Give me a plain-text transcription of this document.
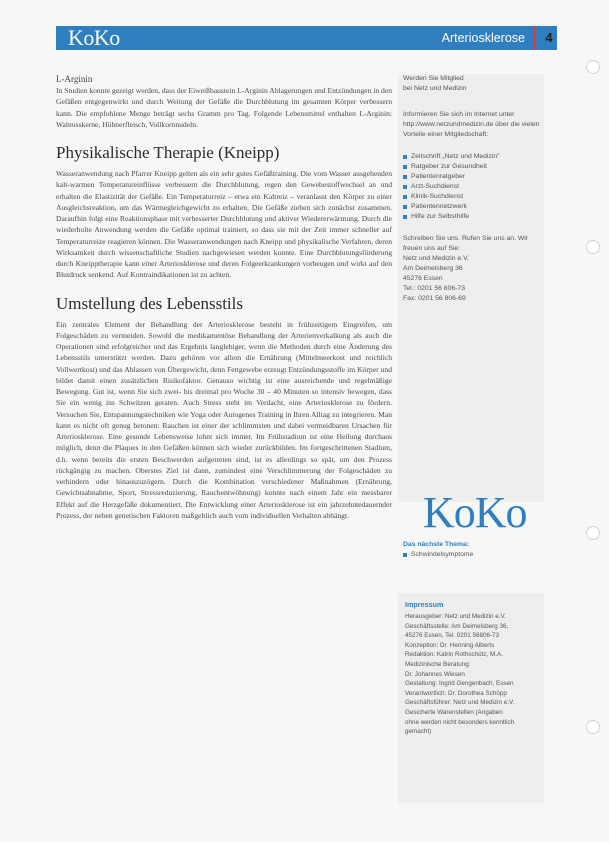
KoKo	Arteriosklerose	4

L-Arginin

In Studien konnte gezeigt werden, dass der Eiweißbaustein L-Arginin Ablagerungen und Entzündungen in den Gefäßen entgegenwirkt und durch Weitung der Gefäße die Durchblutung im gesamten Körper verbessern kann. Die empfohlene Menge beträgt sechs Gramm pro Tag. Folgende Lebensmittel enthalten L-Arginin: Walnusskerne, Hühnerfleisch, Vollkornnudeln.

Physikalische Therapie (Kneipp)

Wasseranwendung nach Pfarrer Kneipp gelten als ein sehr gutes Gefäßtraining. Die vom Wasser ausgehenden kalt-warmen Temperatureinflüsse verbessern die Durchblutung, regen den Gewebestoffwechsel an und erhalten die Elastizität der Gefäße. Ein Temperaturreiz – etwa ein Kaltreiz – veranlasst den Körper zu einer Ausgleichsreaktion, um das Wärmegleichgewicht zu erhalten. Die Gefäße ziehen sich zunächst zusammen. Daraufhin folgt eine Reaktionsphase mit verbesserter Durchblutung und aktiver Wiedererwärmung. Durch die wiederholte Anwendung werden die Gefäße optimal trainiert, so dass sie mit der Zeit immer schneller auf Temperaturreize reagieren können. Die Wasseranwendungen nach Kneipp und physikalische Verfahren, deren Wirksamkeit durch wissenschaftliche Studien nachgewiesen werden konnte. Eine Durchblutungsförderung durch Kneipptherapie kann einer Arteriosklerose und deren Folgeerkrankungen vorbeugen und wirkt auf den Blutdruck senkend. Auf Kontraindikationen ist zu achten.

Umstellung des Lebensstils

Ein zentrales Element der Behandlung der Arteriosklerose besteht in frühzeitigem Eingreifen, um Folgeschäden zu vermeiden. Sowohl die medikamentöse Behandlung der Arterienverkalkung als auch die Operationen sind erfolgreicher und das Ergebnis langlebiger, wenn die Methoden durch eine Änderung des Lebensstils unterstützt werden. Dazu gehören vor allem die Ernährung (Mittelmeerkost und reichlich Vollwertkost) und das Ablassen von Übergewicht, denn Fettgewebe erzeugt Entzündungsstoffe im Körper und bildet damit einen zusätzlichen Risikofaktor. Genauso wichtig ist eine ausreichende und regelmäßige Bewegung. Gut ist, wenn Sie sich zwei- bis dreimal pro Woche 30 – 40 Minuten so intensiv bewegen, dass Sie ein wenig ins Schwitzen geraten. Auch Stress steht im Verdacht, eine Arteriosklerose zu fördern. Versuchen Sie, Entspannungstechniken wie Yoga oder Autogenes Training in Ihren Alltag zu integrieren. Man kann es nicht oft genug betonen: Rauchen ist einer der schlimmsten und dabei vermeidbaren Ursachen für Arteriosklerose. Eine gesunde Lebensweise lohnt sich immer. Im Frühstadium ist eine Heilung durchaus möglich, denn die Plaques in den Gefäßen können sich wieder zurückbilden. Im fortgeschrittenen Stadium, d.h. wenn bereits die ersten Beschwerden aufgetreten sind, ist es allerdings so spät, um den Prozess rückgängig zu machen. Oberstes Ziel ist dann, zumindest eine Verschlimmerung der Folgeschäden zu verhindern oder hinauszuzögern. Durch die Kombination verschiedener Maßnahmen (Ernährung, Gewichtsabnahme, Sport, Stressreduzierung, Rauchentwöhnung) konnte nach einem Jahr ein messbarer Effekt auf die Herzgefäße dokumentiert. Die Entwicklung einer Arteriosklerose ist ein jahrzehntedauernder Prozess, der neben genetischen Faktoren maßgeblich auch vom individuellen Verhalten abhängt.

Werden Sie Mitglied

bei Netz und Medizin

Informieren Sie sich im Internet unter http://www.netzundmedizin.de über die vielen Vorteile einer Mitgliedschaft:

Zeitschrift „Netz und Medizin"
Ratgeber zur Gesundheit
Patientenratgeber
Arzt-Suchdienst
Klinik-Suchdienst
Patientennetzwerk
Hilfe zur Selbsthilfe

Schreiben Sie uns. Rufen Sie uns an. Wir freuen uns auf Sie:

Netz und Medizin e.V.

Am Deimelsberg 36

45276 Essen

Tel.: 0201 56 806-73

Fax: 0201 56 806-69

KoKo
Das nächste Thema:
Schwindelsymptome
Impressum
Herausgeber: Netz und Medizin e.V.
Geschäftsstelle: Am Deimelsberg 36,
45276 Essen, Tel. 0201 56806-73
Konzeption: Dr. Henning Alberts
Redaktion: Katrin Rothschütz, M.A.
Medizinische Beratung:
Dr. Johannes Wiesen
Gestaltung: Ingrid Gengenbach, Essen
Verantwortlich: Dr. Dorothea Schöpp
Geschäftsführer: Netz und Medizin e.V.
Gesicherte Warenstellen (Angaben
ohne werden nicht besonders kenntlich
gemacht)
